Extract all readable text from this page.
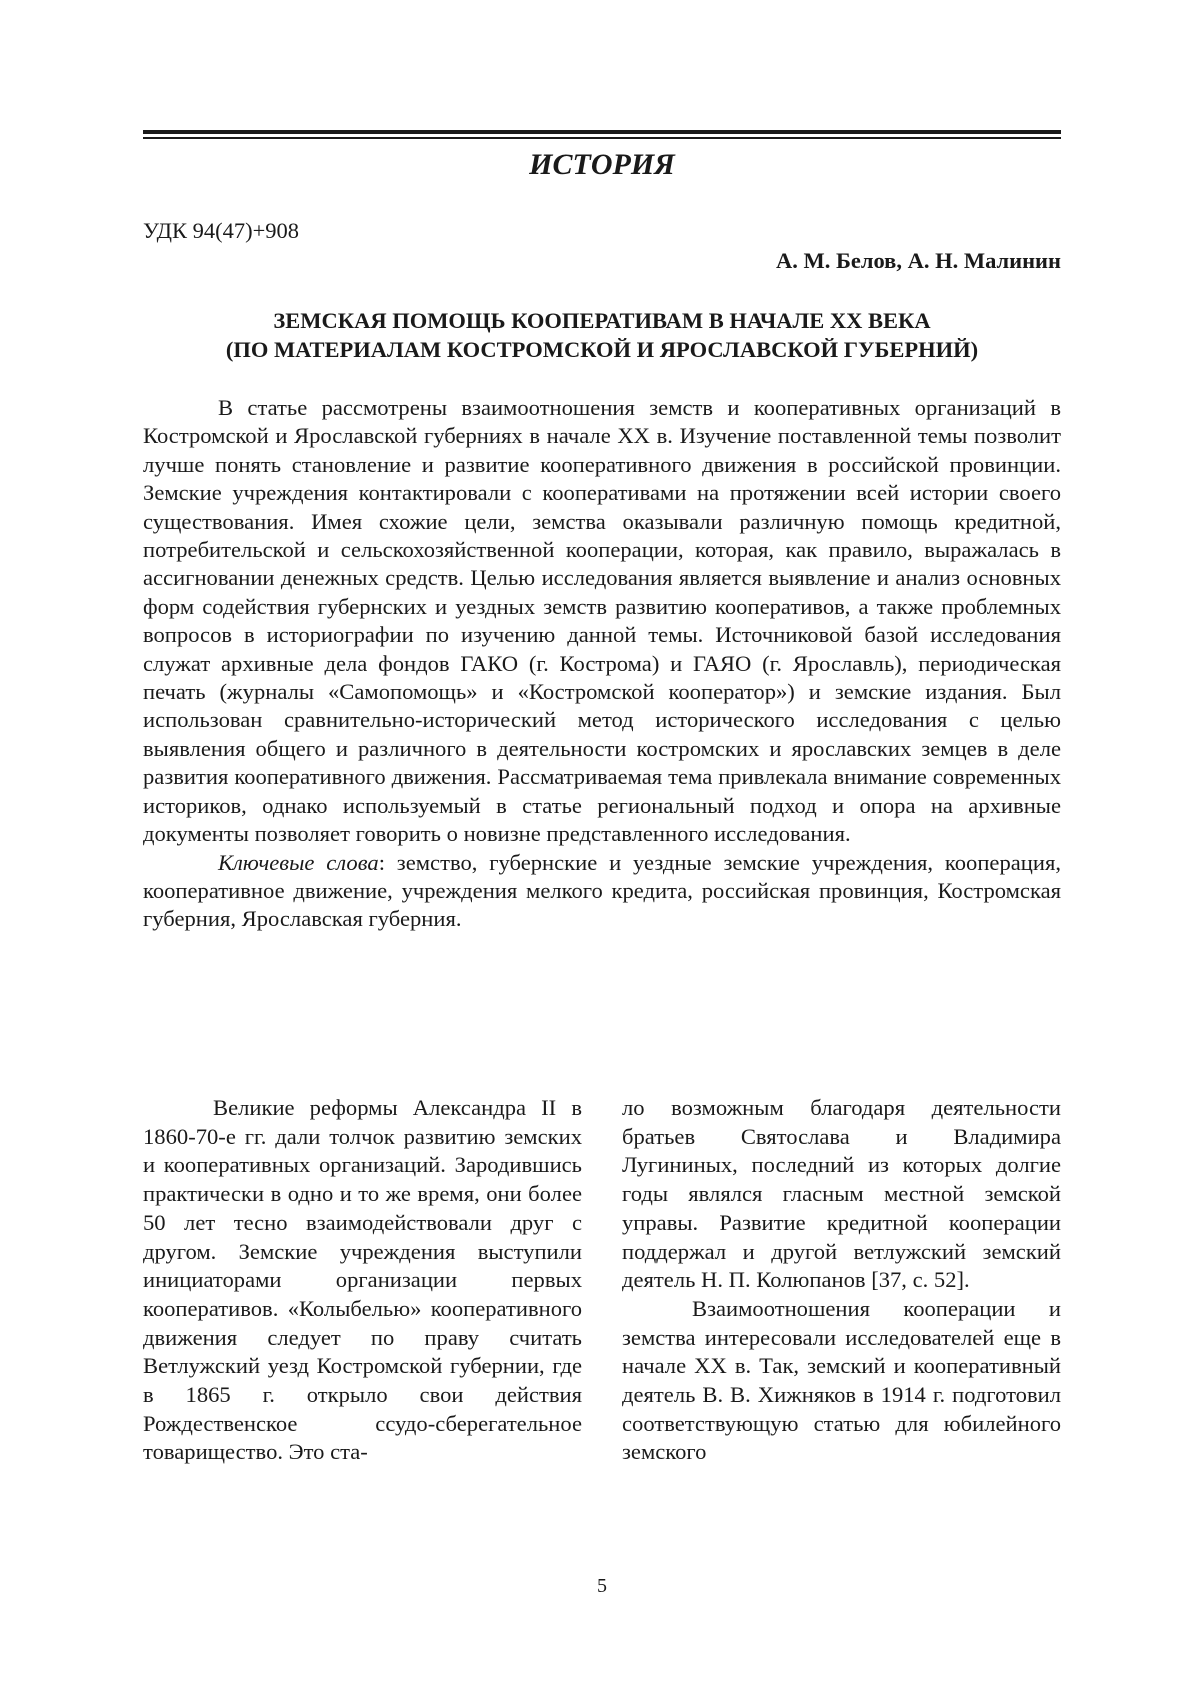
ИСТОРИЯ

УДК 94(47)+908

А. М. Белов, А. Н. Малинин

ЗЕМСКАЯ ПОМОЩЬ КООПЕРАТИВАМ В НАЧАЛЕ XX ВЕКА
(ПО МАТЕРИАЛАМ КОСТРОМСКОЙ И ЯРОСЛАВСКОЙ ГУБЕРНИЙ)

В статье рассмотрены взаимоотношения земств и кооперативных организаций в Костромской и Ярославской губерниях в начале XX в. Изучение поставленной темы позволит лучше понять становление и развитие кооперативного движения в российской провинции. Земские учреждения контактировали с кооперативами на протяжении всей истории своего существования. Имея схожие цели, земства оказывали различную помощь кредитной, потребительской и сельскохозяйственной кооперации, которая, как правило, выражалась в ассигновании денежных средств. Целью исследования является выявление и анализ основных форм содействия губернских и уездных земств развитию кооперативов, а также проблемных вопросов в историографии по изучению данной темы. Источниковой базой исследования служат архивные дела фондов ГАКО (г. Кострома) и ГАЯО (г. Ярославль), периодическая печать (журналы «Самопомощь» и «Костромской кооператор») и земские издания. Был использован сравнительно-исторический метод исторического исследования с целью выявления общего и различного в деятельности костромских и ярославских земцев в деле развития кооперативного движения. Рассматриваемая тема привлекала внимание современных историков, однако используемый в статье региональный подход и опора на архивные документы позволяет говорить о новизне представленного исследования.

Ключевые слова: земство, губернские и уездные земские учреждения, кооперация, кооперативное движение, учреждения мелкого кредита, российская провинция, Костромская губерния, Ярославская губерния.

Великие реформы Александра II в 1860-70-е гг. дали толчок развитию земских и кооперативных организаций. Зародившись практически в одно и то же время, они более 50 лет тесно взаимодействовали друг с другом. Земские учреждения выступили инициаторами организации первых кооперативов. «Колыбелью» кооперативного движения следует по праву считать Ветлужский уезд Костромской губернии, где в 1865 г. открыло свои действия Рождественское ссудо-сберегательное товарищество. Это ста-

ло возможным благодаря деятельности братьев Святослава и Владимира Лугининых, последний из которых долгие годы являлся гласным местной земской управы. Развитие кредитной кооперации поддержал и другой ветлужский земский деятель Н. П. Колюпанов [37, с. 52].

Взаимоотношения кооперации и земства интересовали исследователей еще в начале XX в. Так, земский и кооперативный деятель В. В. Хижняков в 1914 г. подготовил соответствующую статью для юбилейного земского

5
